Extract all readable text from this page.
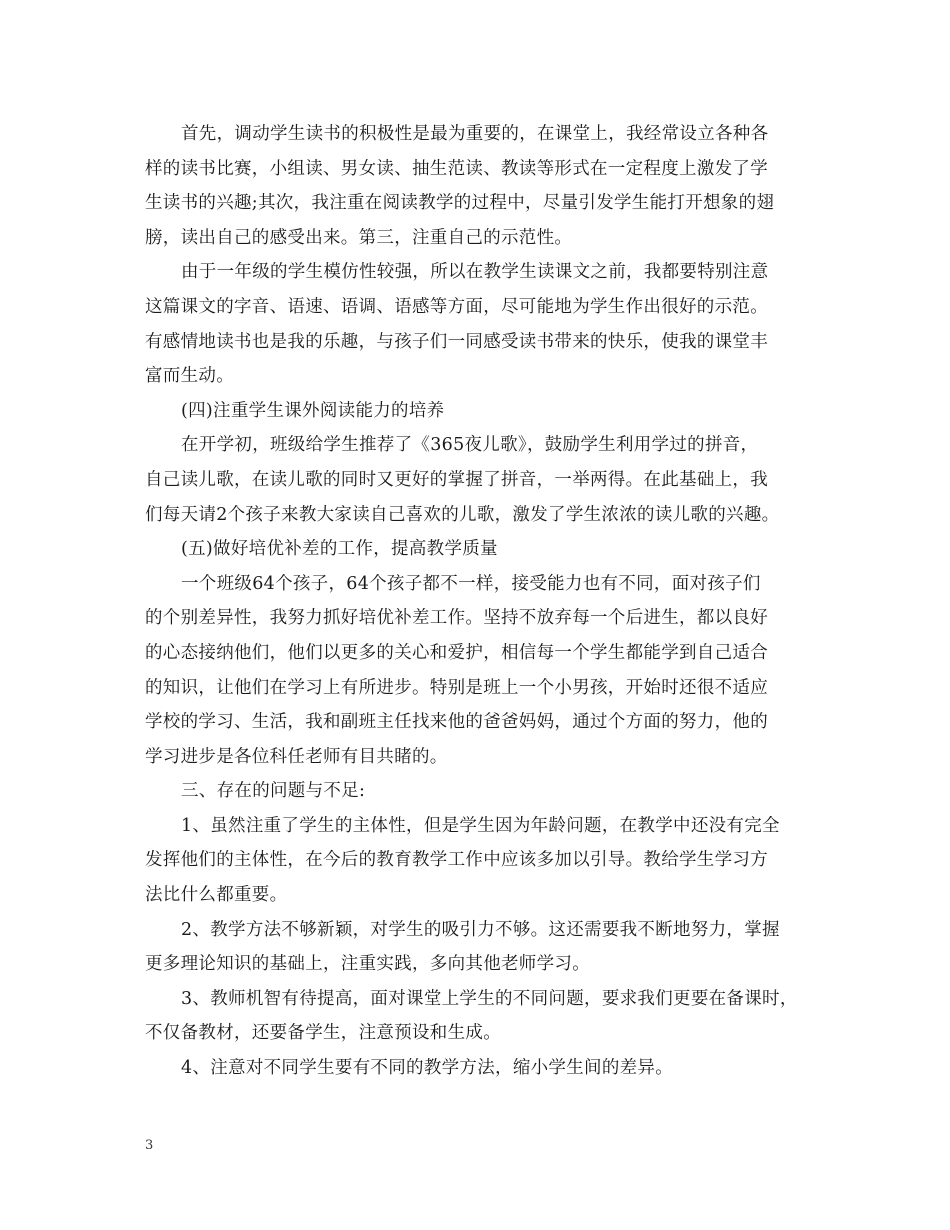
首先，调动学生读书的积极性是最为重要的，在课堂上，我经常设立各种各
样的读书比赛，小组读、男女读、抽生范读、教读等形式在一定程度上激发了学
生读书的兴趣;其次，我注重在阅读教学的过程中，尽量引发学生能打开想象的翅
膀，读出自己的感受出来。第三，注重自己的示范性。
由于一年级的学生模仿性较强，所以在教学生读课文之前，我都要特别注意
这篇课文的字音、语速、语调、语感等方面，尽可能地为学生作出很好的示范。
有感情地读书也是我的乐趣，与孩子们一同感受读书带来的快乐，使我的课堂丰
富而生动。
(四)注重学生课外阅读能力的培养
在开学初，班级给学生推荐了《365夜儿歌》，鼓励学生利用学过的拼音，
自己读儿歌，在读儿歌的同时又更好的掌握了拼音，一举两得。在此基础上，我
们每天请2个孩子来教大家读自己喜欢的儿歌，激发了学生浓浓的读儿歌的兴趣。
(五)做好培优补差的工作，提高教学质量
一个班级64个孩子，64个孩子都不一样，接受能力也有不同，面对孩子们
的个别差异性，我努力抓好培优补差工作。坚持不放弃每一个后进生，都以良好
的心态接纳他们，他们以更多的关心和爱护，相信每一个学生都能学到自己适合
的知识，让他们在学习上有所进步。特别是班上一个小男孩，开始时还很不适应
学校的学习、生活，我和副班主任找来他的爸爸妈妈，通过个方面的努力，他的
学习进步是各位科任老师有目共睹的。
三、存在的问题与不足:
1、虽然注重了学生的主体性，但是学生因为年龄问题，在教学中还没有完全
发挥他们的主体性，在今后的教育教学工作中应该多加以引导。教给学生学习方
法比什么都重要。
2、教学方法不够新颖，对学生的吸引力不够。这还需要我不断地努力，掌握
更多理论知识的基础上，注重实践，多向其他老师学习。
3、教师机智有待提高，面对课堂上学生的不同问题，要求我们更要在备课时，
不仅备教材，还要备学生，注意预设和生成。
4、注意对不同学生要有不同的教学方法，缩小学生间的差异。
3
